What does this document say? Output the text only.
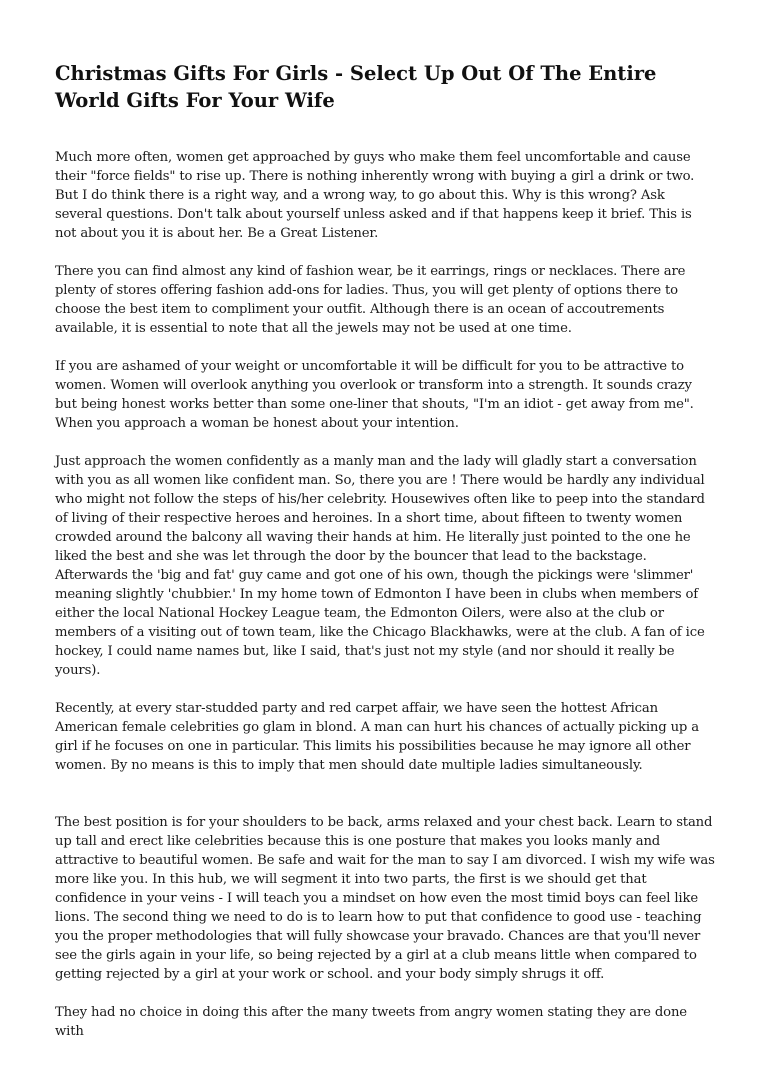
Christmas Gifts For Girls - Select Up Out Of The Entire World Gifts For Your Wife

Much more often, women get approached by guys who make them feel uncomfortable and cause their "force fields" to rise up. There is nothing inherently wrong with buying a girl a drink or two. But I do think there is a right way, and a wrong way, to go about this. Why is this wrong? Ask several questions. Don't talk about yourself unless asked and if that happens keep it brief. This is not about you it is about her. Be a Great Listener.

There you can find almost any kind of fashion wear, be it earrings, rings or necklaces. There are plenty of stores offering fashion add-ons for ladies. Thus, you will get plenty of options there to choose the best item to compliment your outfit. Although there is an ocean of accoutrements available, it is essential to note that all the jewels may not be used at one time.

If you are ashamed of your weight or uncomfortable it will be difficult for you to be attractive to women. Women will overlook anything you overlook or transform into a strength. It sounds crazy but being honest works better than some one-liner that shouts, "I'm an idiot - get away from me". When you approach a woman be honest about your intention.

Just approach the women confidently as a manly man and the lady will gladly start a conversation with you as all women like confident man. So, there you are ! There would be hardly any individual who might not follow the steps of his/her celebrity. Housewives often like to peep into the standard of living of their respective heroes and heroines. In a short time, about fifteen to twenty women crowded around the balcony all waving their hands at him. He literally just pointed to the one he liked the best and she was let through the door by the bouncer that lead to the backstage. Afterwards the 'big and fat' guy came and got one of his own, though the pickings were 'slimmer' meaning slightly 'chubbier.' In my home town of Edmonton I have been in clubs when members of either the local National Hockey League team, the Edmonton Oilers, were also at the club or members of a visiting out of town team, like the Chicago Blackhawks, were at the club. A fan of ice hockey, I could name names but, like I said, that's just not my style (and nor should it really be yours).

Recently, at every star-studded party and red carpet affair, we have seen the hottest African American female celebrities go glam in blond. A man can hurt his chances of actually picking up a girl if he focuses on one in particular. This limits his possibilities because he may ignore all other women. By no means is this to imply that men should date multiple ladies simultaneously.

The best position is for your shoulders to be back, arms relaxed and your chest back. Learn to stand up tall and erect like celebrities because this is one posture that makes you looks manly and attractive to beautiful women. Be safe and wait for the man to say I am divorced. I wish my wife was more like you. In this hub, we will segment it into two parts, the first is we should get that confidence in your veins - I will teach you a mindset on how even the most timid boys can feel like lions. The second thing we need to do is to learn how to put that confidence to good use - teaching you the proper methodologies that will fully showcase your bravado. Chances are that you'll never see the girls again in your life, so being rejected by a girl at a club means little when compared to getting rejected by a girl at your work or school. and your body simply shrugs it off.

They had no choice in doing this after the many tweets from angry women stating they are done with
